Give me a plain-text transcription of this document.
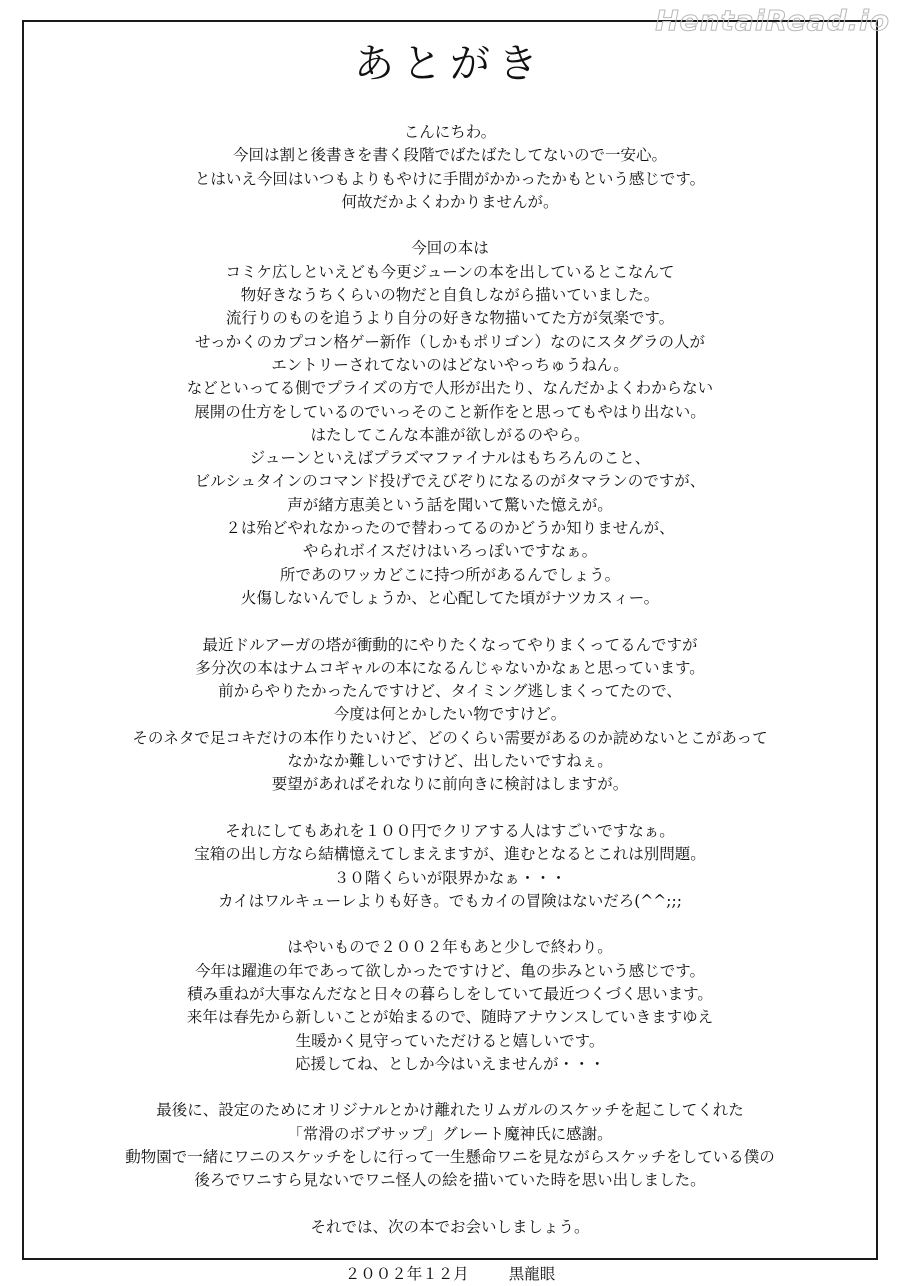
HentaiRead.io
あとがき
こんにちわ。
今回は割と後書きを書く段階でばたばたしてないので一安心。
とはいえ今回はいつもよりもやけに手間がかかったかもという感じです。
何故だかよくわかりませんが。
今回の本は
コミケ広しといえども今更ジューンの本を出しているとこなんて
物好きなうちくらいの物だと自負しながら描いていました。
流行りのものを追うより自分の好きな物描いてた方が気楽です。
せっかくのカプコン格ゲー新作（しかもポリゴン）なのにスタグラの人が
エントリーされてないのはどないやっちゅうねん。
などといってる側でプライズの方で人形が出たり、なんだかよくわからない
展開の仕方をしているのでいっそのこと新作をと思ってもやはり出ない。
はたしてこんな本誰が欲しがるのやら。
ジューンといえばプラズマファイナルはもちろんのこと、
ビルシュタインのコマンド投げでえびぞりになるのがタマランのですが、
声が緒方恵美という話を聞いて驚いた憶えが。
２は殆どやれなかったので替わってるのかどうか知りませんが、
やられボイスだけはいろっぽいですなぁ。
所であのワッカどこに持つ所があるんでしょう。
火傷しないんでしょうか、と心配してた頃がナツカスィー。
最近ドルアーガの塔が衝動的にやりたくなってやりまくってるんですが
多分次の本はナムコギャルの本になるんじゃないかなぁと思っています。
前からやりたかったんですけど、タイミング逃しまくってたので、
今度は何とかしたい物ですけど。
そのネタで足コキだけの本作りたいけど、どのくらい需要があるのか読めないとこがあって
なかなか難しいですけど、出したいですねぇ。
要望があればそれなりに前向きに検討はしますが。
それにしてもあれを１００円でクリアする人はすごいですなぁ。
宝箱の出し方なら結構憶えてしまえますが、進むとなるとこれは別問題。
３０階くらいが限界かなぁ・・・
カイはワルキューレよりも好き。でもカイの冒険はないだろ(^^;;;
はやいもので２００２年もあと少しで終わり。
今年は躍進の年であって欲しかったですけど、亀の歩みという感じです。
積み重ねが大事なんだなと日々の暮らしをしていて最近つくづく思います。
来年は春先から新しいことが始まるので、随時アナウンスしていきますゆえ
生暖かく見守っていただけると嬉しいです。
応援してね、としか今はいえませんが・・・
最後に、設定のためにオリジナルとかけ離れたリムガルのスケッチを起こしてくれた
「常滑のボブサップ」グレート魔神氏に感謝。
動物園で一緒にワニのスケッチをしに行って一生懸命ワニを見ながらスケッチをしている僕の
後ろでワニすら見ないでワニ怪人の絵を描いていた時を思い出しました。
それでは、次の本でお会いしましょう。
２００２年１２月	黒龍眼
